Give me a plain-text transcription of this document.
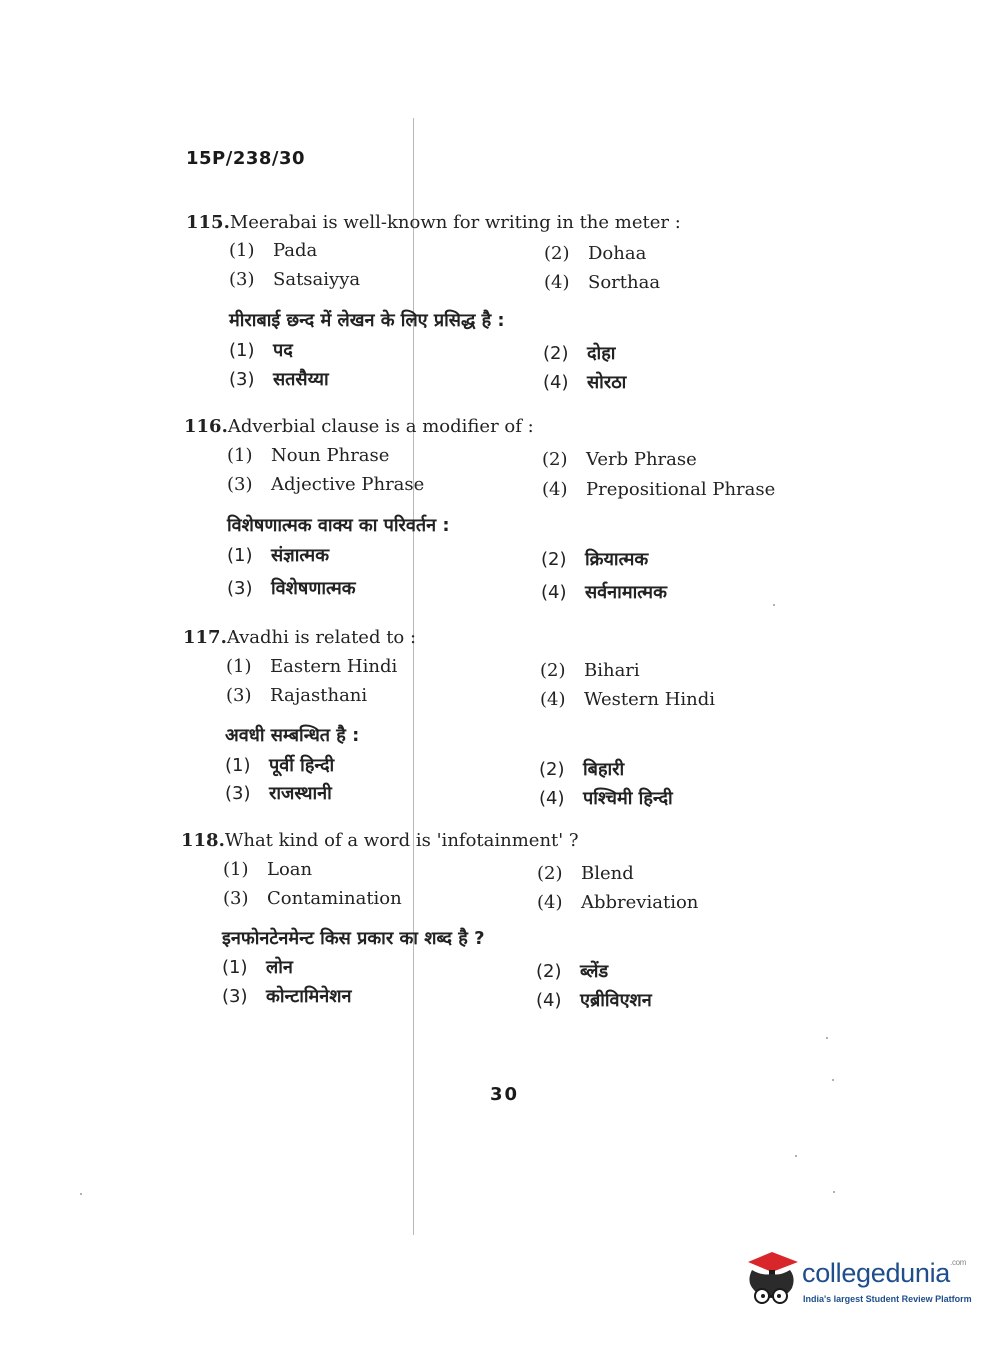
15P/238/30
115.Meerabai is well-known for writing in the meter :
(1) Pada	(2) Dohaa
(3) Satsaiyya	(4) Sorthaa
मीराबाई छन्द में लेखन के लिए प्रसिद्ध है :
(1) पद	(2) दोहा
(3) सतसैय्या	(4) सोरठा
116.Adverbial clause is a modifier of :
(1) Noun Phrase	(2) Verb Phrase
(3) Adjective Phrase	(4) Prepositional Phrase
विशेषणात्मक वाक्य का परिवर्तन :
(1) संज्ञात्मक	(2) क्रियात्मक
(3) विशेषणात्मक	(4) सर्वनामात्मक
117.Avadhi is related to :
(1) Eastern Hindi	(2) Bihari
(3) Rajasthani	(4) Western Hindi
अवधी सम्बन्धित है :
(1) पूर्वी हिन्दी	(2) बिहारी
(3) राजस्थानी	(4) पश्चिमी हिन्दी
118.What kind of a word is 'infotainment' ?
(1) Loan	(2) Blend
(3) Contamination	(4) Abbreviation
इनफोनटेनमेन्ट किस प्रकार का शब्द है ?
(1) लोन	(2) ब्लेंड
(3) कोन्टामिनेशन	(4) एब्रीविएशन
30
collegedunia$^{.com}$
India's largest Student Review Platform
